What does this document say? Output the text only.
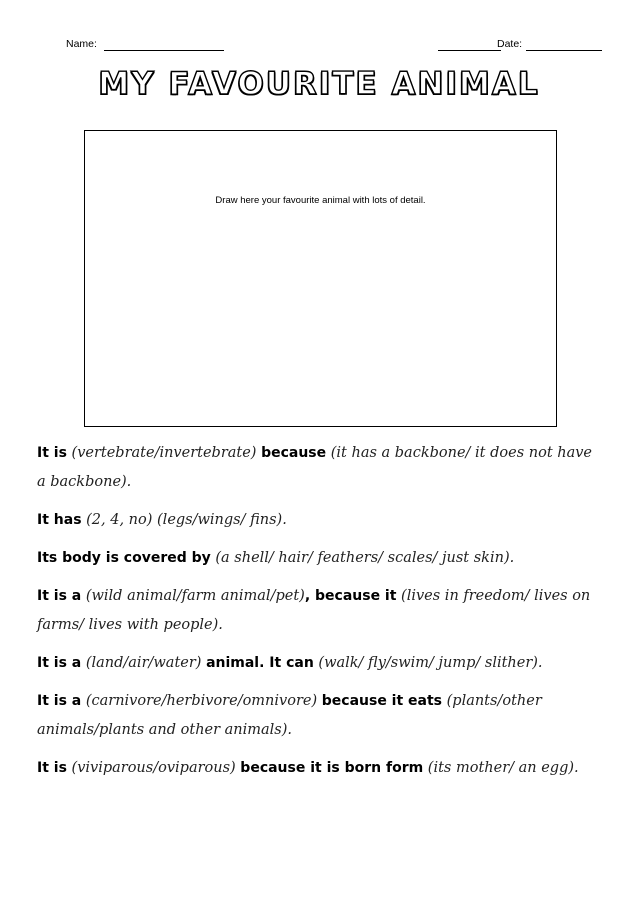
Name:	Date:
MY FAVOURITE ANIMAL
Draw here your favourite animal with lots of detail.

It is (vertebrate/invertebrate) because (it has a backbone/ it does not have a backbone).

It has (2, 4, no) (legs/wings/ fins).

Its body is covered by (a shell/ hair/ feathers/ scales/ just skin).

It is a (wild animal/farm animal/pet), because it (lives in freedom/ lives on farms/ lives with people).

It is a (land/air/water) animal. It can (walk/ fly/swim/ jump/ slither).

It is a (carnivore/herbivore/omnivore) because it eats (plants/other animals/plants and other animals).

It is (viviparous/oviparous) because it is born form (its mother/ an egg).
